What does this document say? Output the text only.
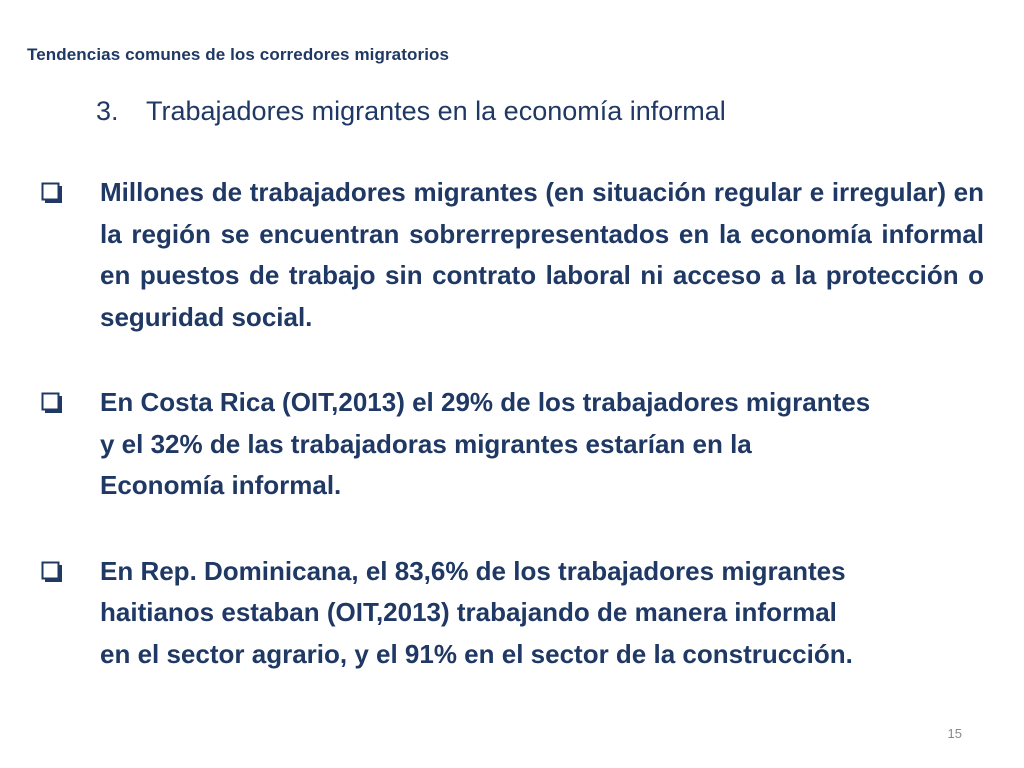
Tendencias comunes de los corredores migratorios
3. Trabajadores migrantes en la economía informal
Millones de trabajadores migrantes (en situación regular e irregular) en la región se encuentran sobrerrepresentados en la economía informal en puestos de trabajo sin contrato laboral ni acceso a la protección o seguridad social.
En Costa Rica (OIT,2013) el 29% de los trabajadores migrantes
y el 32% de las trabajadoras migrantes estarían en la
Economía informal.
En Rep. Dominicana, el 83,6% de los trabajadores migrantes
haitianos estaban (OIT,2013) trabajando de manera informal
en el sector agrario, y el 91% en el sector de la construcción.
15
